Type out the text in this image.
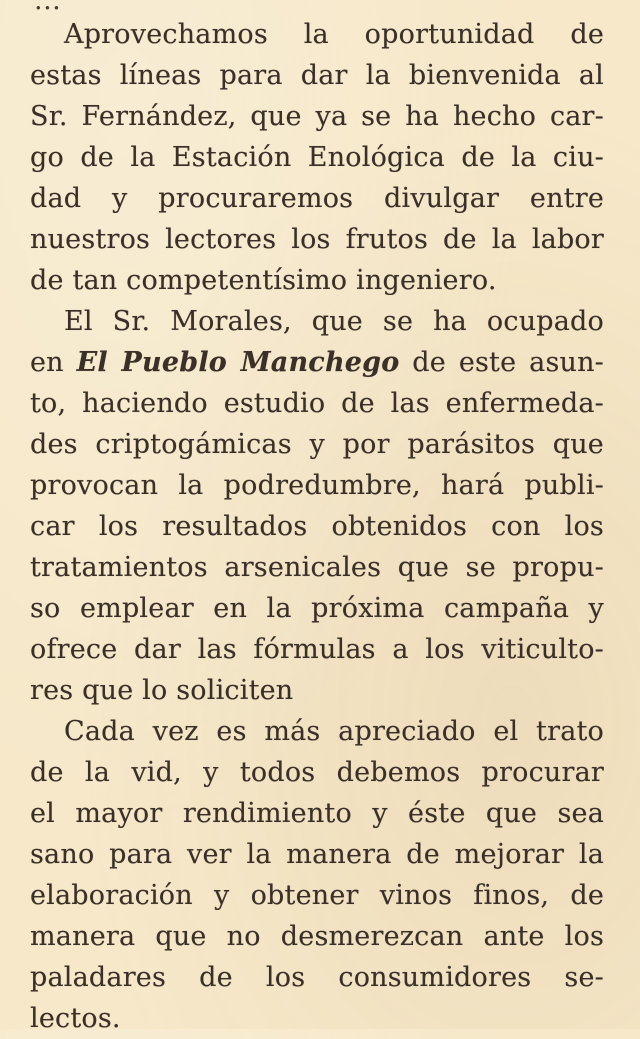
Aprovechamos la oportunidad de
estas líneas para dar la bienvenida al
Sr. Fernández, que ya se ha hecho car-
go de la Estación Enológica de la ciu-
dad y procuraremos divulgar entre
nuestros lectores los frutos de la labor
de tan competentísimo ingeniero.

El Sr. Morales, que se ha ocupado
en El Pueblo Manchego de este asun-
to, haciendo estudio de las enfermeda-
des criptogámicas y por parásitos que
provocan la podredumbre, hará publi-
car los resultados obtenidos con los
tratamientos arsenicales que se propu-
so emplear en la próxima campaña y
ofrece dar las fórmulas a los viticulto-
res que lo soliciten

Cada vez es más apreciado el trato
de la vid, y todos debemos procurar
el mayor rendimiento y éste que sea
sano para ver la manera de mejorar la
elaboración y obtener vinos finos, de
manera que no desmerezcan ante los
paladares de los consumidores se-
lectos.

...
